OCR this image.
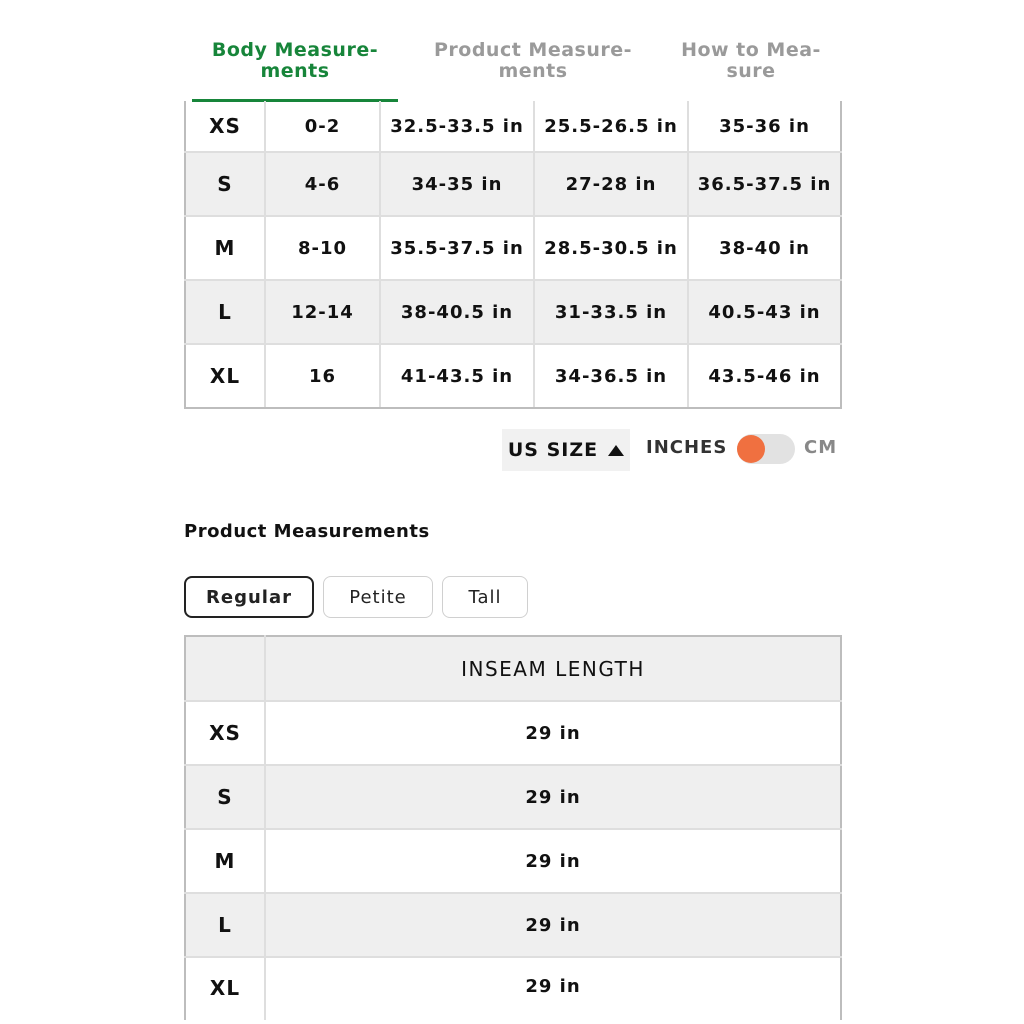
Body Measure-
ments
Product Measure-
ments
How to Mea-
sure
XS	0-2	32.5-33.5 in	25.5-26.5 in	35-36 in
S	4-6	34-35 in	27-28 in	36.5-37.5 in
M	8-10	35.5-37.5 in	28.5-30.5 in	38-40 in
L	12-14	38-40.5 in	31-33.5 in	40.5-43 in
XL	16	41-43.5 in	34-36.5 in	43.5-46 in
US SIZE	INCHES	CM
Product Measurements
Regular	Petite	Tall
	INSEAM LENGTH
XS	29 in
S	29 in
M	29 in
L	29 in
XL	29 in
